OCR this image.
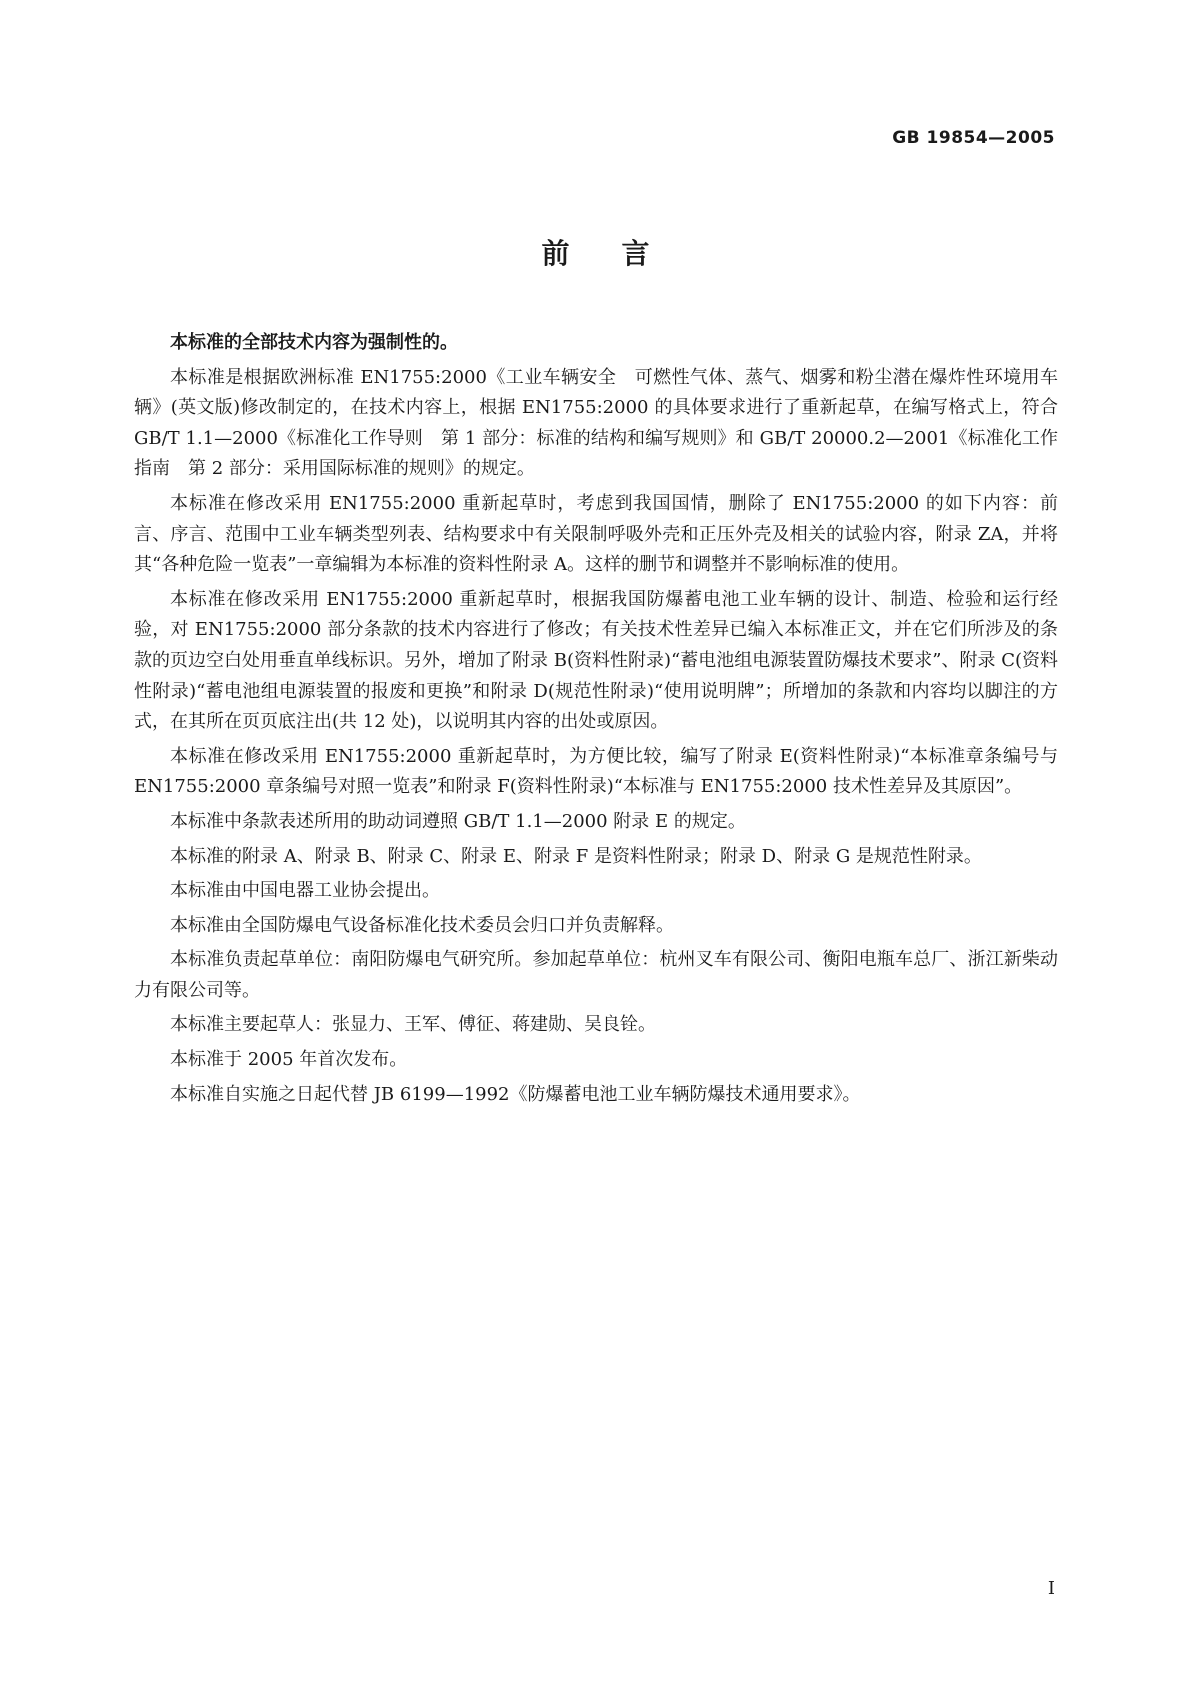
GB 19854—2005
前言

本标准的全部技术内容为强制性的。

本标准是根据欧洲标准 EN1755:2000《工业车辆安全　可燃性气体、蒸气、烟雾和粉尘潜在爆炸性环境用车辆》(英文版)修改制定的，在技术内容上，根据 EN1755:2000 的具体要求进行了重新起草，在编写格式上，符合 GB/T 1.1—2000《标准化工作导则　第 1 部分：标准的结构和编写规则》和 GB/T 20000.2—2001《标准化工作指南　第 2 部分：采用国际标准的规则》的规定。

本标准在修改采用 EN1755:2000 重新起草时，考虑到我国国情，删除了 EN1755:2000 的如下内容：前言、序言、范围中工业车辆类型列表、结构要求中有关限制呼吸外壳和正压外壳及相关的试验内容，附录 ZA，并将其“各种危险一览表”一章编辑为本标准的资料性附录 A。这样的删节和调整并不影响标准的使用。

本标准在修改采用 EN1755:2000 重新起草时，根据我国防爆蓄电池工业车辆的设计、制造、检验和运行经验，对 EN1755:2000 部分条款的技术内容进行了修改；有关技术性差异已编入本标准正文，并在它们所涉及的条款的页边空白处用垂直单线标识。另外，增加了附录 B(资料性附录)“蓄电池组电源装置防爆技术要求”、附录 C(资料性附录)“蓄电池组电源装置的报废和更换”和附录 D(规范性附录)“使用说明牌”；所增加的条款和内容均以脚注的方式，在其所在页页底注出(共 12 处)，以说明其内容的出处或原因。

本标准在修改采用 EN1755:2000 重新起草时，为方便比较，编写了附录 E(资料性附录)“本标准章条编号与 EN1755:2000 章条编号对照一览表”和附录 F(资料性附录)“本标准与 EN1755:2000 技术性差异及其原因”。

本标准中条款表述所用的助动词遵照 GB/T 1.1—2000 附录 E 的规定。

本标准的附录 A、附录 B、附录 C、附录 E、附录 F 是资料性附录；附录 D、附录 G 是规范性附录。

本标准由中国电器工业协会提出。

本标准由全国防爆电气设备标准化技术委员会归口并负责解释。

本标准负责起草单位：南阳防爆电气研究所。参加起草单位：杭州叉车有限公司、衡阳电瓶车总厂、浙江新柴动力有限公司等。

本标准主要起草人：张显力、王军、傅征、蒋建勋、吴良铨。

本标准于 2005 年首次发布。

本标准自实施之日起代替 JB 6199—1992《防爆蓄电池工业车辆防爆技术通用要求》。

I
